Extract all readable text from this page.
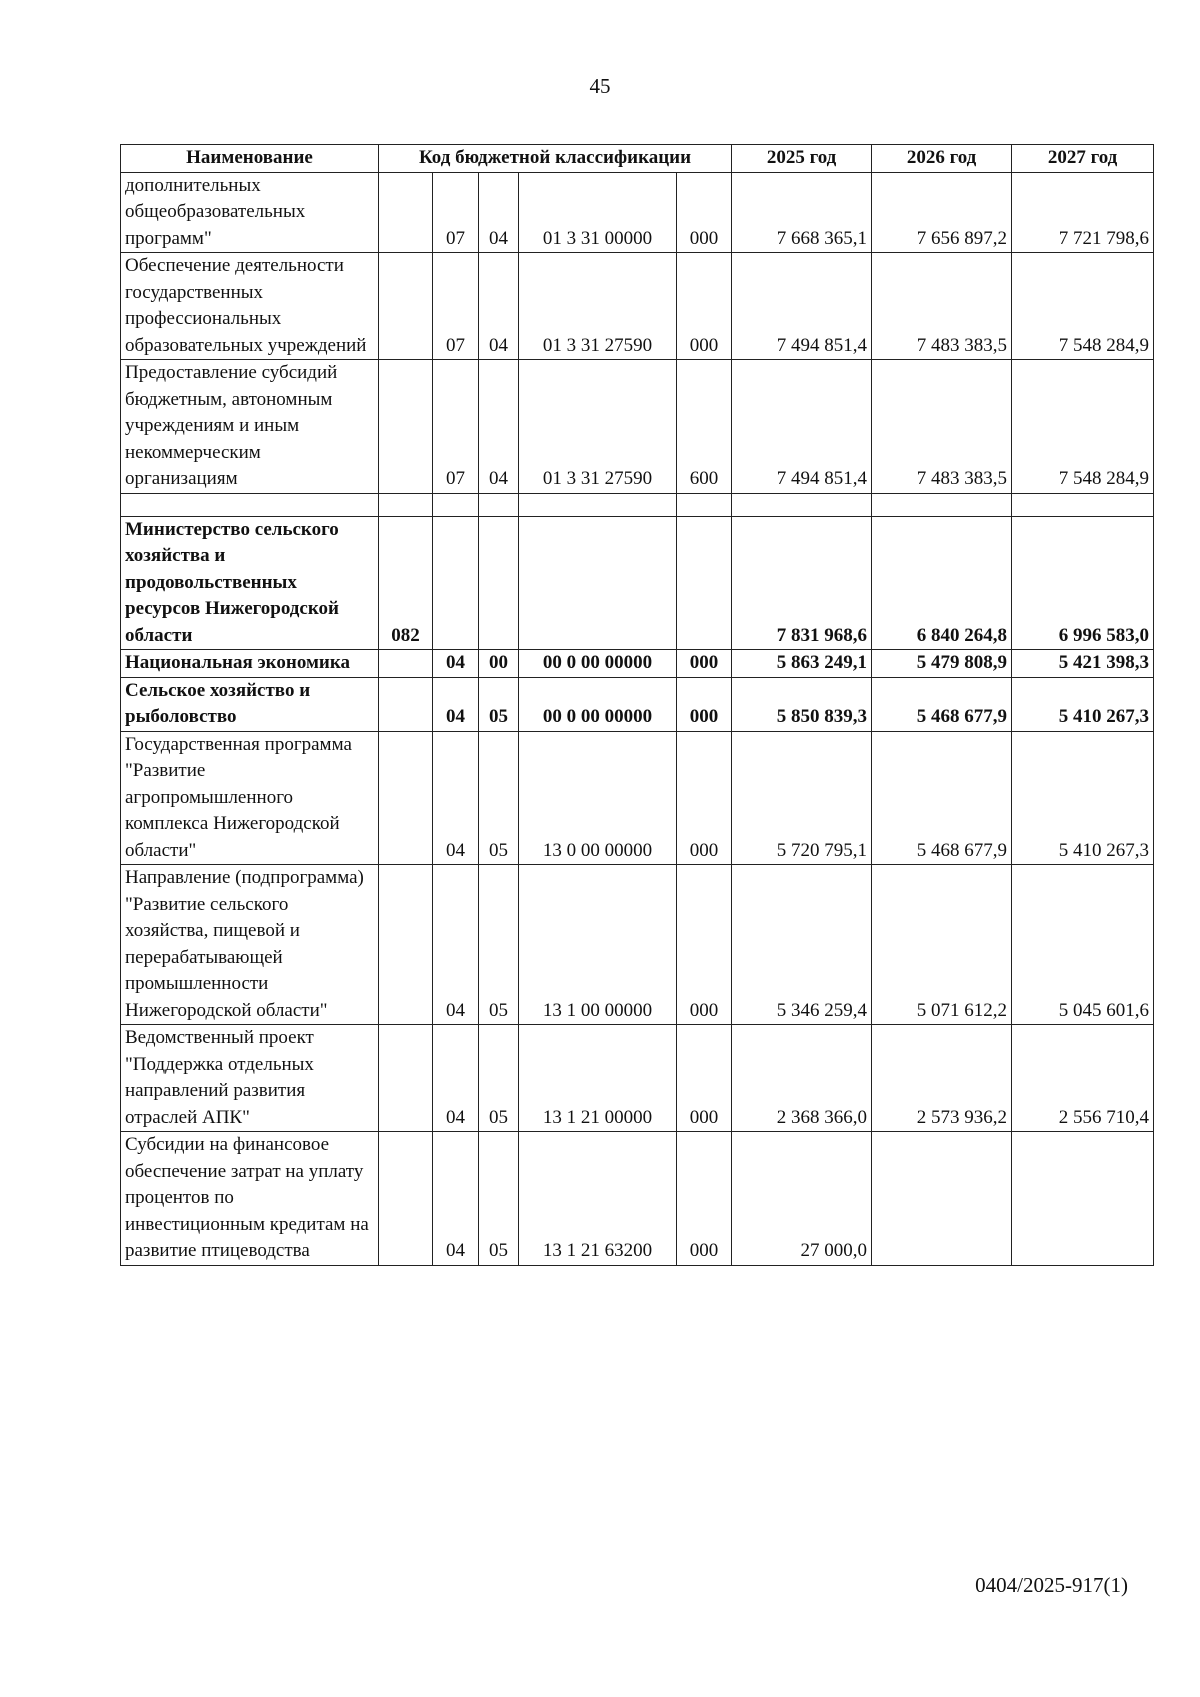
45
Наименование	Код бюджетной классификации					2025 год	2026 год	2027 год
дополнительных общеобразовательных программ"		07	04	01 3 31 00000	000	7 668 365,1	7 656 897,2	7 721 798,6
Обеспечение деятельности государственных профессиональных образовательных учреждений		07	04	01 3 31 27590	000	7 494 851,4	7 483 383,5	7 548 284,9
Предоставление субсидий бюджетным, автономным учреждениям и иным некоммерческим организациям		07	04	01 3 31 27590	600	7 494 851,4	7 483 383,5	7 548 284,9

Министерство сельского хозяйства и продовольственных ресурсов Нижегородской области	082					7 831 968,6	6 840 264,8	6 996 583,0
Национальная экономика		04	00	00 0 00 00000	000	5 863 249,1	5 479 808,9	5 421 398,3
Сельское хозяйство и рыболовство		04	05	00 0 00 00000	000	5 850 839,3	5 468 677,9	5 410 267,3
Государственная программа "Развитие агропромышленного комплекса Нижегородской области"		04	05	13 0 00 00000	000	5 720 795,1	5 468 677,9	5 410 267,3
Направление (подпрограмма) "Развитие сельского хозяйства, пищевой и перерабатывающей промышленности Нижегородской области"		04	05	13 1 00 00000	000	5 346 259,4	5 071 612,2	5 045 601,6
Ведомственный проект "Поддержка отдельных направлений развития отраслей АПК"		04	05	13 1 21 00000	000	2 368 366,0	2 573 936,2	2 556 710,4
Субсидии на финансовое обеспечение затрат на уплату процентов по инвестиционным кредитам на развитие птицеводства		04	05	13 1 21 63200	000	27 000,0		
0404/2025-917(1)
